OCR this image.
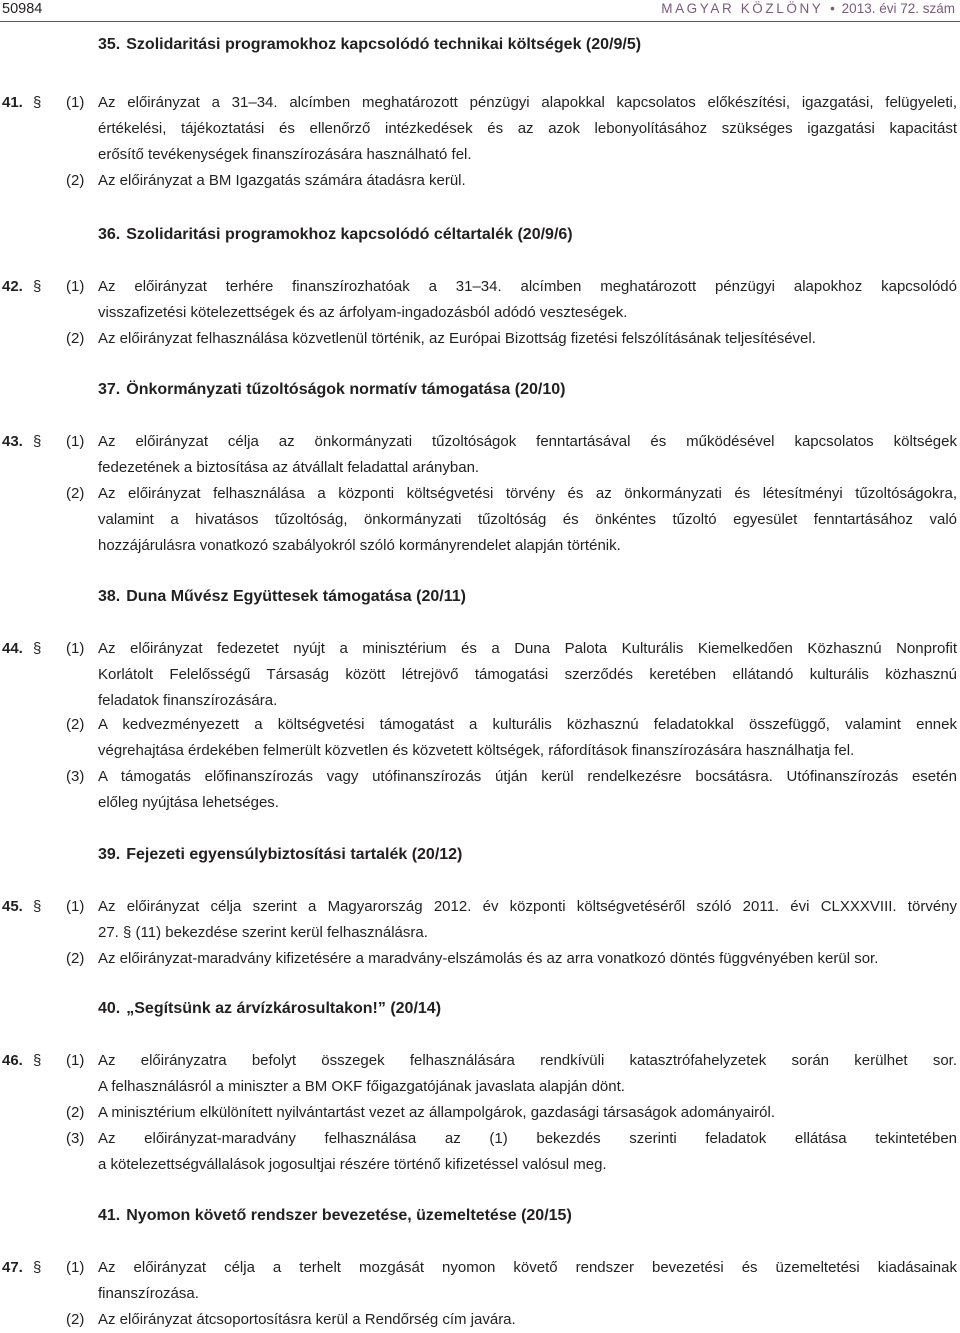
50984	MAGYAR KÖZLÖNY • 2013. évi 72. szám
35. Szolidaritási programokhoz kapcsolódó technikai költségek (20/9/5)
41. § (1) Az előirányzat a 31–34. alcímben meghatározott pénzügyi alapokkal kapcsolatos előkészítési, igazgatási, felügyeleti,
értékelési, tájékoztatási és ellenőrző intézkedések és az azok lebonyolításához szükséges igazgatási kapacitást
erősítő tevékenységek finanszírozására használható fel.
(2) Az előirányzat a BM Igazgatás számára átadásra kerül.
36. Szolidaritási programokhoz kapcsolódó céltartalék (20/9/6)
42. § (1) Az előirányzat terhére finanszírozhatóak a 31–34. alcímben meghatározott pénzügyi alapokhoz kapcsolódó
visszafizetési kötelezettségek és az árfolyam-ingadozásból adódó veszteségek.
(2) Az előirányzat felhasználása közvetlenül történik, az Európai Bizottság fizetési felszólításának teljesítésével.
37. Önkormányzati tűzoltóságok normatív támogatása (20/10)
43. § (1) Az előirányzat célja az önkormányzati tűzoltóságok fenntartásával és működésével kapcsolatos költségek
fedezetének a biztosítása az átvállalt feladattal arányban.
(2) Az előirányzat felhasználása a központi költségvetési törvény és az önkormányzati és létesítményi tűzoltóságokra,
valamint a hivatásos tűzoltóság, önkormányzati tűzoltóság és önkéntes tűzoltó egyesület fenntartásához való
hozzájárulásra vonatkozó szabályokról szóló kormányrendelet alapján történik.
38. Duna Művész Együttesek támogatása (20/11)
44. § (1) Az előirányzat fedezetet nyújt a minisztérium és a Duna Palota Kulturális Kiemelkedően Közhasznú Nonprofit
Korlátolt Felelősségű Társaság között létrejövő támogatási szerződés keretében ellátandó kulturális közhasznú
feladatok finanszírozására.
(2) A kedvezményezett a költségvetési támogatást a kulturális közhasznú feladatokkal összefüggő, valamint ennek
végrehajtása érdekében felmerült közvetlen és közvetett költségek, ráfordítások finanszírozására használhatja fel.
(3) A támogatás előfinanszírozás vagy utófinanszírozás útján kerül rendelkezésre bocsátásra. Utófinanszírozás esetén
előleg nyújtása lehetséges.
39. Fejezeti egyensúlybiztosítási tartalék (20/12)
45. § (1) Az előirányzat célja szerint a Magyarország 2012. év központi költségvetéséről szóló 2011. évi CLXXXVIII. törvény
27. § (11) bekezdése szerint kerül felhasználásra.
(2) Az előirányzat-maradvány kifizetésére a maradvány-elszámolás és az arra vonatkozó döntés függvényében kerül sor.
40. „Segítsünk az árvízkárosultakon!” (20/14)
46. § (1) Az előirányzatra befolyt összegek felhasználására rendkívüli katasztrófahelyzetek során kerülhet sor.
A felhasználásról a miniszter a BM OKF főigazgatójának javaslata alapján dönt.
(2) A minisztérium elkülönített nyilvántartást vezet az állampolgárok, gazdasági társaságok adományairól.
(3) Az előirányzat-maradvány felhasználása az (1) bekezdés szerinti feladatok ellátása tekintetében
a kötelezettségvállalások jogosultjai részére történő kifizetéssel valósul meg.
41. Nyomon követő rendszer bevezetése, üzemeltetése (20/15)
47. § (1) Az előirányzat célja a terhelt mozgását nyomon követő rendszer bevezetési és üzemeltetési kiadásainak
finanszírozása.
(2) Az előirányzat átcsoportosításra kerül a Rendőrség cím javára.
